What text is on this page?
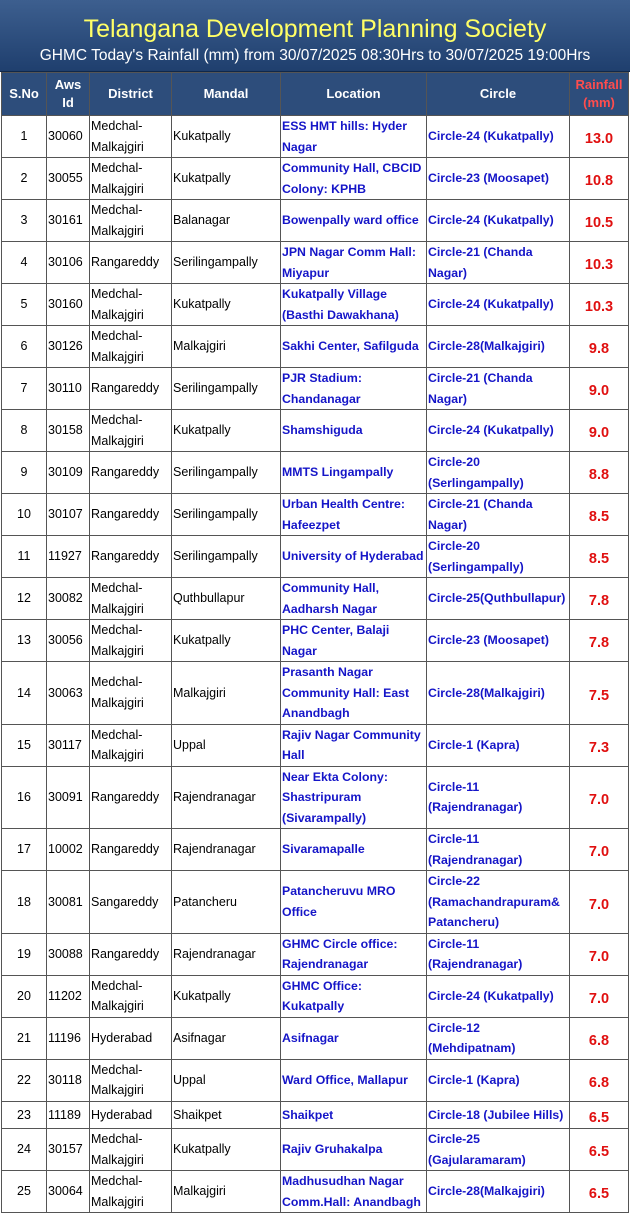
Telangana Development Planning Society
GHMC Today's Rainfall (mm) from 30/07/2025 08:30Hrs to 30/07/2025 19:00Hrs
S.No	Aws Id	District	Mandal	Location	Circle	Rainfall (mm)
1	30060	Medchal-Malkajgiri	Kukatpally	ESS HMT hills: Hyder Nagar	Circle-24 (Kukatpally)	13.0
2	30055	Medchal-Malkajgiri	Kukatpally	Community Hall, CBCID Colony: KPHB	Circle-23 (Moosapet)	10.8
3	30161	Medchal-Malkajgiri	Balanagar	Bowenpally ward office	Circle-24 (Kukatpally)	10.5
4	30106	Rangareddy	Serilingampally	JPN Nagar Comm Hall: Miyapur	Circle-21 (Chanda Nagar)	10.3
5	30160	Medchal-Malkajgiri	Kukatpally	Kukatpally Village (Basthi Dawakhana)	Circle-24 (Kukatpally)	10.3
6	30126	Medchal-Malkajgiri	Malkajgiri	Sakhi Center, Safilguda	Circle-28(Malkajgiri)	9.8
7	30110	Rangareddy	Serilingampally	PJR Stadium: Chandanagar	Circle-21 (Chanda Nagar)	9.0
8	30158	Medchal-Malkajgiri	Kukatpally	Shamshiguda	Circle-24 (Kukatpally)	9.0
9	30109	Rangareddy	Serilingampally	MMTS Lingampally	Circle-20 (Serlingampally)	8.8
10	30107	Rangareddy	Serilingampally	Urban Health Centre: Hafeezpet	Circle-21 (Chanda Nagar)	8.5
11	11927	Rangareddy	Serilingampally	University of Hyderabad	Circle-20 (Serlingampally)	8.5
12	30082	Medchal-Malkajgiri	Quthbullapur	Community Hall, Aadharsh Nagar	Circle-25(Quthbullapur)	7.8
13	30056	Medchal-Malkajgiri	Kukatpally	PHC Center, Balaji Nagar	Circle-23 (Moosapet)	7.8
14	30063	Medchal-Malkajgiri	Malkajgiri	Prasanth Nagar Community Hall: East Anandbagh	Circle-28(Malkajgiri)	7.5
15	30117	Medchal-Malkajgiri	Uppal	Rajiv Nagar Community Hall	Circle-1 (Kapra)	7.3
16	30091	Rangareddy	Rajendranagar	Near Ekta Colony: Shastripuram (Sivarampally)	Circle-11 (Rajendranagar)	7.0
17	10002	Rangareddy	Rajendranagar	Sivaramapalle	Circle-11 (Rajendranagar)	7.0
18	30081	Sangareddy	Patancheru	Patancheruvu MRO Office	Circle-22 (Ramachandrapuram& Patancheru)	7.0
19	30088	Rangareddy	Rajendranagar	GHMC Circle office: Rajendranagar	Circle-11 (Rajendranagar)	7.0
20	11202	Medchal-Malkajgiri	Kukatpally	GHMC Office: Kukatpally	Circle-24 (Kukatpally)	7.0
21	11196	Hyderabad	Asifnagar	Asifnagar	Circle-12 (Mehdipatnam)	6.8
22	30118	Medchal-Malkajgiri	Uppal	Ward Office, Mallapur	Circle-1 (Kapra)	6.8
23	11189	Hyderabad	Shaikpet	Shaikpet	Circle-18 (Jubilee Hills)	6.5
24	30157	Medchal-Malkajgiri	Kukatpally	Rajiv Gruhakalpa	Circle-25 (Gajularamaram)	6.5
25	30064	Medchal-Malkajgiri	Malkajgiri	Madhusudhan Nagar Comm.Hall: Anandbagh	Circle-28(Malkajgiri)	6.5
